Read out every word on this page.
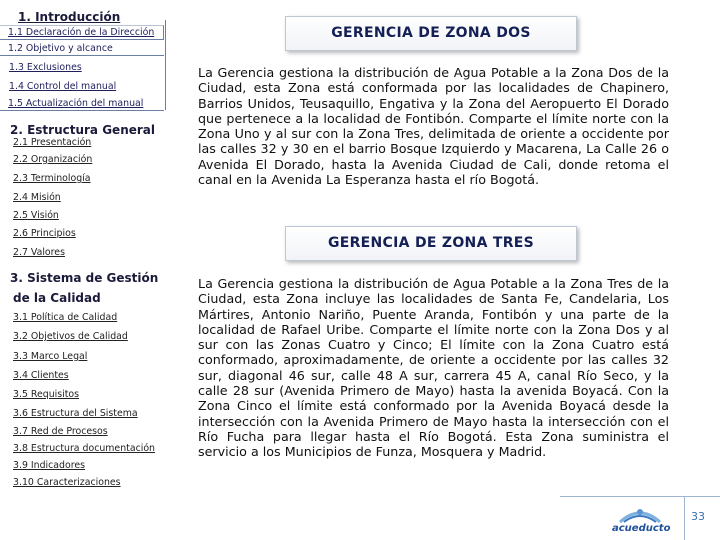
1. Introducción
1.1 Declaración de la Dirección
1.2 Objetivo y alcance
1.3 Exclusiones
1.4 Control del manual
1.5 Actualización del manual
2. Estructura General
2.1 Presentación
2.2 Organización
2.3 Terminología
2.4 Misión
2.5 Visión
2.6 Principios
2.7 Valores
3. Sistema de Gestión
de la Calidad
3.1 Política de Calidad
3.2 Objetivos de Calidad
3.3 Marco Legal
3.4 Clientes
3.5 Requisitos
3.6 Estructura del Sistema
3.7 Red de Procesos
3.8 Estructura documentación
3.9 Indicadores
3.10 Caracterizaciones
GERENCIA DE ZONA DOS
La Gerencia gestiona la distribución de Agua Potable a la Zona Dos de la Ciudad, esta Zona está conformada por las localidades de Chapinero, Barrios Unidos, Teusaquillo, Engativa y la Zona del Aeropuerto El Dorado que pertenece a la localidad de Fontibón. Comparte el límite norte con la Zona Uno y al sur con la Zona Tres, delimitada de oriente a occidente por las calles 32 y 30 en el barrio Bosque Izquierdo y Macarena, La Calle 26 o Avenida El Dorado, hasta la Avenida Ciudad de Cali, donde retoma el canal en la Avenida La Esperanza hasta el río Bogotá.
GERENCIA DE ZONA TRES
La Gerencia gestiona la distribución de Agua Potable a la Zona Tres de la Ciudad, esta Zona incluye las localidades de Santa Fe, Candelaria, Los Mártires, Antonio Nariño, Puente Aranda, Fontibón y una parte de la localidad de Rafael Uribe. Comparte el límite norte con la Zona Dos y al sur con las Zonas Cuatro y Cinco; El límite con la Zona Cuatro está conformado, aproximadamente, de oriente a occidente por las calles 32 sur, diagonal 46 sur, calle 48 A sur, carrera 45 A, canal Río Seco, y la calle 28 sur (Avenida Primero de Mayo) hasta la avenida Boyacá. Con la Zona Cinco el límite está conformado por la Avenida Boyacá desde la intersección con la Avenida Primero de Mayo hasta la intersección con el Río Fucha para llegar hasta el Río Bogotá. Esta Zona suministra el servicio a los Municipios de Funza, Mosquera y Madrid.
acueducto
33
